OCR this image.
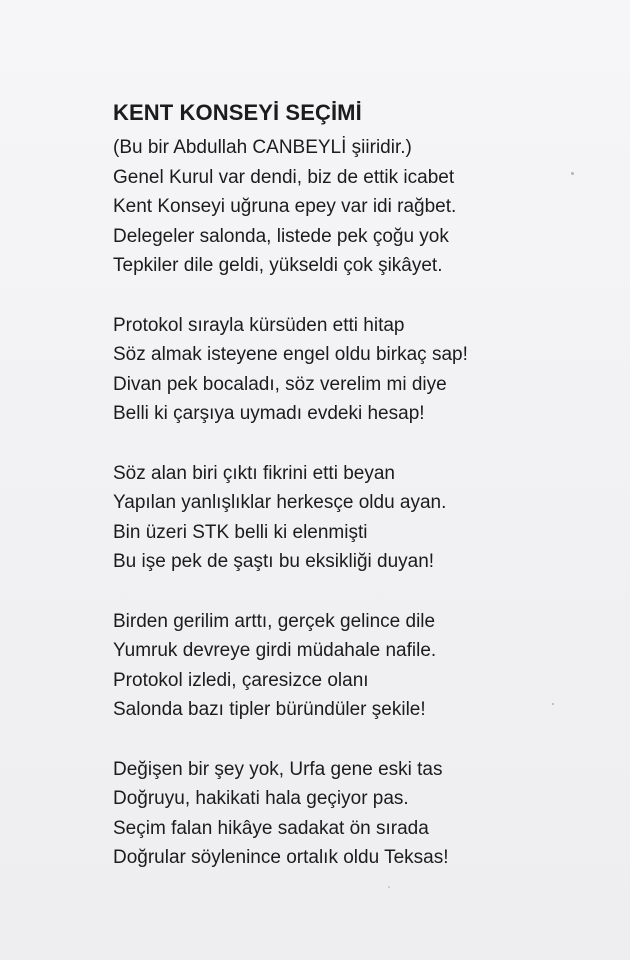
KENT KONSEYİ SEÇİMİ
(Bu bir Abdullah CANBEYLİ şiiridir.)
Genel Kurul var dendi, biz de ettik icabet
Kent Konseyi uğruna epey var idi rağbet.
Delegeler salonda, listede pek çoğu yok
Tepkiler dile geldi, yükseldi çok şikâyet.
Protokol sırayla kürsüden etti hitap
Söz almak isteyene engel oldu birkaç sap!
Divan pek bocaladı, söz verelim mi diye
Belli ki çarşıya uymadı evdeki hesap!
Söz alan biri çıktı fikrini etti beyan
Yapılan yanlışlıklar herkesçe oldu ayan.
Bin üzeri STK belli ki elenmişti
Bu işe pek de şaştı bu eksikliği duyan!
Birden gerilim arttı, gerçek gelince dile
Yumruk devreye girdi müdahale nafile.
Protokol izledi, çaresizce olanı
Salonda bazı tipler büründüler şekile!
Değişen bir şey yok, Urfa gene eski tas
Doğruyu, hakikati hala geçiyor pas.
Seçim falan hikâye sadakat ön sırada
Doğrular söylenince ortalık oldu Teksas!
